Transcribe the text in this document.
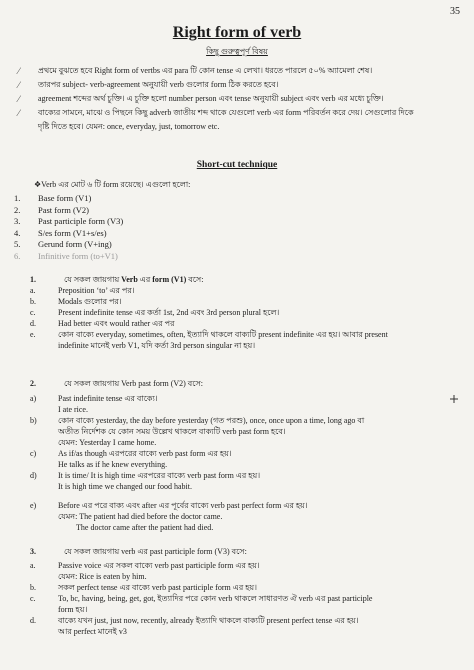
35
Right form of verb
কিছু গুরুত্বপূর্ণ বিষয়
⁄ প্রথমে বুঝতে হবে Right form of vertbs এর para টি কোন tense এ লেখা। ধরতে পারলে ৫০% অ্যামেলা শেষ।
⁄ তারপর subject- verb-agreement অনুযায়ী verb গুলোর form ঠিক করতে হবে।
⁄ agreement শব্দের অর্থ চুক্তি। এ চুক্তি হলো number person এবং tense অনুযায়ী subject এবং verb এর মধ্যে চুক্তি।
⁄ বাক্যের সামনে, মাঝে ও পিছনে কিছু adverb জাতীয় শব্দ থাকে যেগুলো verb এর form পরিবর্তন করে দেয়। সেগুলোর দিকে
দৃষ্টি দিতে হবে। যেমন: once, everyday, just, tomorrow etc.
Short-cut technique
❖Verb এর মোট ৬ টি form রয়েছে। এগুলো হলো:
1. Base form (V1)
2. Past form (V2)
3. Past participle form (V3)
4. S/es form (V1+s/es)
5. Gerund form (V+ing)
6. Infinitive form (to+V1)
1.	যে সকল জায়গায় Verb এর form (V1) বসে:
a.	Preposition ‘to’ এর পর।
b.	Modals গুলোর পর।
c.	Present indefinite tense এর কর্তা 1st, 2nd এবং 3rd person plural হলে।
d.	Had better এবং would rather এর পর
e.	কোন বাক্যে everyday, sometimes, often, ইত্যাদি থাকলে বাক্যটি present indefinite এর হয়। আবার present
indefinite মানেই verb V1, যদি কর্তা 3rd person singular না হয়।
2.	যে সকল জায়গায় Verb past form (V2) বসে:
a)	Past indefinite tense এর বাক্যে।
I ate rice.
b)	কোন বাক্যে yesterday, the day before yesterday (গত পরশু), once, once upon a time, long ago বা
অতীত নির্দেশক যে কোন সময় উল্লেখ থাকলে বাক্যটি verb past form হবে।
যেমন: Yesterday I came home.
c)	As if/as though এরপরের বাক্যে verb past form এর হয়।
He talks as if he knew everything.
d)	It is time/ It is high time এরপরের বাক্যে verb past form এর হয়।
It is high time we changed our food habit.
e)	Before এর পরে বাক্য এবং after এর পূর্বের বাক্যে verb past perfect form এর হয়।
যেমন: The patient had died before the doctor came.
The doctor came after the patient had died.
3.	যে সকল জায়গায় verb এর past participle form (V3) বসে:
a.	Passive voice এর সকল বাক্যে verb past participle form এর হয়।
যেমন: Rice is eaten by him.
b.	সকল perfect tense এর বাক্যে verb past participle form এর হয়।
c.	To, bc, having, being, get, got, ইত্যাদির পরে কোন verb থাকলে সাধারণত ঐ verb এর past participle
form হয়।
d.	বাক্যে যখন just, just now, recently, already ইত্যাদি থাকলে বাক্যটি present perfect tense এর হয়।
আর perfect মানেই v3
